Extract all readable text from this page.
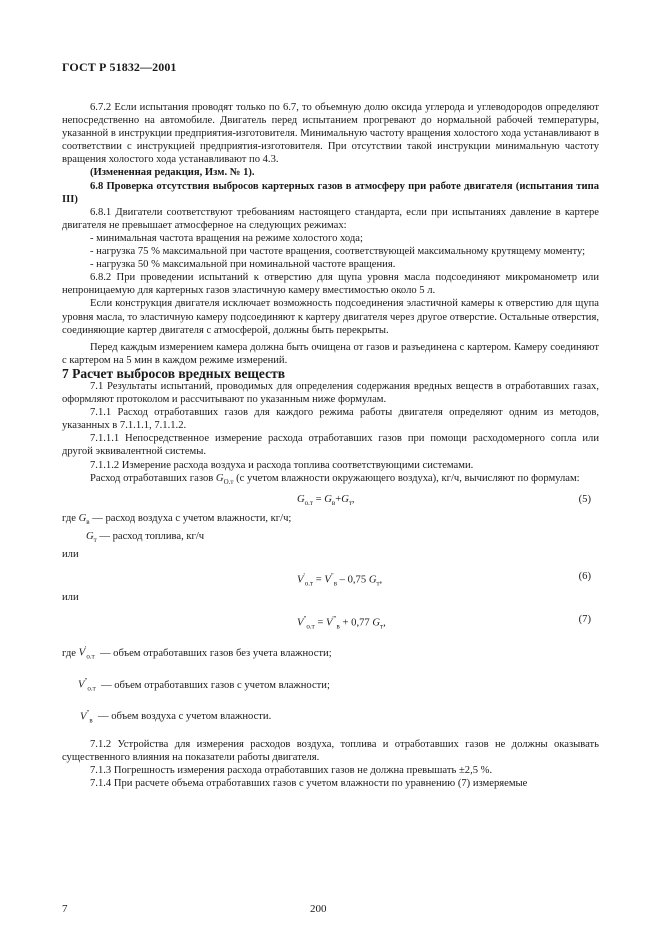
ГОСТ Р 51832—2001

6.7.2 Если испытания проводят только по 6.7, то объемную долю оксида углерода и углеводородов определяют непосредственно на автомобиле. Двигатель перед испытанием прогревают до нормальной рабочей температуры, указанной в инструкции предприятия-изготовителя. Минимальную частоту вращения холостого хода устанавливают в соответствии с инструкцией предприятия-изготовителя. При отсутствии такой инструкции минимальную частоту вращения холостого хода устанавливают по 4.3.

(Измененная редакция, Изм. № 1).

6.8 Проверка отсутствия выбросов картерных газов в атмосферу при работе двигателя (испытания типа III)

6.8.1 Двигатели соответствуют требованиям настоящего стандарта, если при испытаниях давление в картере двигателя не превышает атмосферное на следующих режимах:

- минимальная частота вращения на режиме холостого хода;

- нагрузка 75 % максимальной при частоте вращения, соответствующей максимальному крутящему моменту;

- нагрузка 50 % максимальной при номинальной частоте вращения.

6.8.2 При проведении испытаний к отверстию для щупа уровня масла подсоединяют микроманометр или непроницаемую для картерных газов эластичную камеру вместимостью около 5 л.

Если конструкция двигателя исключает возможность подсоединения эластичной камеры к отверстию для щупа уровня масла, то эластичную камеру подсоединяют к картеру двигателя через другое отверстие. Остальные отверстия, соединяющие картер двигателя с атмосферой, должны быть перекрыты.

Перед каждым измерением камера должна быть очищена от газов и разъединена с картером. Камеру соединяют с картером на 5 мин в каждом режиме измерений.

7 Расчет выбросов вредных веществ

7.1 Результаты испытаний, проводимых для определения содержания вредных веществ в отработавших газах, оформляют протоколом и рассчитывают по указанным ниже формулам.

7.1.1 Расход отработавших газов для каждого режима работы двигателя определяют одним из методов, указанных в 7.1.1.1, 7.1.1.2.

7.1.1.1 Непосредственное измерение расхода отработавших газов при помощи расходомерного сопла или другой эквивалентной системы.

7.1.1.2 Измерение расхода воздуха и расхода топлива соответствующими системами.

Расход отработавших газов $G_{О.т}$ (с учетом влажности окружающего воздуха), кг/ч, вычисляют по формулам:

$G_{о.т} = G_в+G_т$,	(5)
где
$G_в$
— расход воздуха с учетом влажности, кг/ч;
$G_т$
— расход топлива, кг/ч
или
$V'_{о.т} = V^"_в - 0,75$ $G_т$,	(6)
или
$V^"_{о.т} = V^{'"}_в + 0,77$ $G_т$,	(7)
где
$V'_{о.т}$
— объем отработавших газов без учета влажности;
$V^"_{о.т}$
— объем отработавших газов с учетом влажности;
$V^"_в$
— объем воздуха с учетом влажности.

7.1.2 Устройства для измерения расходов воздуха, топлива и отработавших газов не должны оказывать существенного влияния на показатели работы двигателя.

7.1.3 Погрешность измерения расхода отработавших газов не должна превышать ±2,5 %.

7.1.4 При расчете объема отработавших газов с учетом влажности по уравнению (7) измеряемые

7	200
